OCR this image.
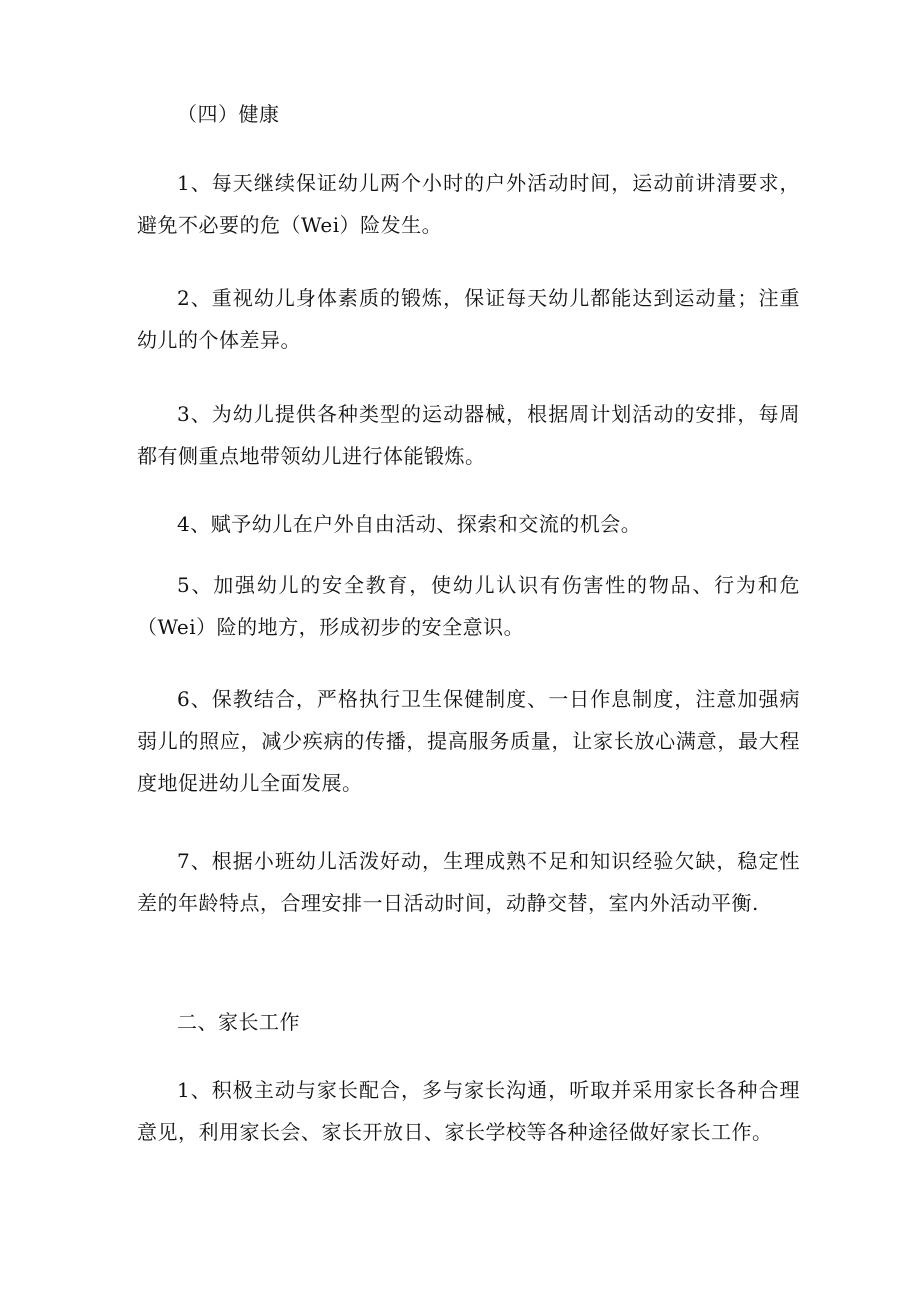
（四）健康

1、每天继续保证幼儿两个小时的户外活动时间，运动前讲清要求，避免不必要的危（Wei）险发生。

2、重视幼儿身体素质的锻炼，保证每天幼儿都能达到运动量；注重幼儿的个体差异。

3、为幼儿提供各种类型的运动器械，根据周计划活动的安排，每周都有侧重点地带领幼儿进行体能锻炼。

4、赋予幼儿在户外自由活动、探索和交流的机会。

5、加强幼儿的安全教育，使幼儿认识有伤害性的物品、行为和危（Wei）险的地方，形成初步的安全意识。

6、保教结合，严格执行卫生保健制度、一日作息制度，注意加强病弱儿的照应，减少疾病的传播，提高服务质量，让家长放心满意，最大程度地促进幼儿全面发展。

7、根据小班幼儿活泼好动，生理成熟不足和知识经验欠缺，稳定性差的年龄特点，合理安排一日活动时间，动静交替，室内外活动平衡.

二、家长工作

1、积极主动与家长配合，多与家长沟通，听取并采用家长各种合理意见，利用家长会、家长开放日、家长学校等各种途径做好家长工作。
